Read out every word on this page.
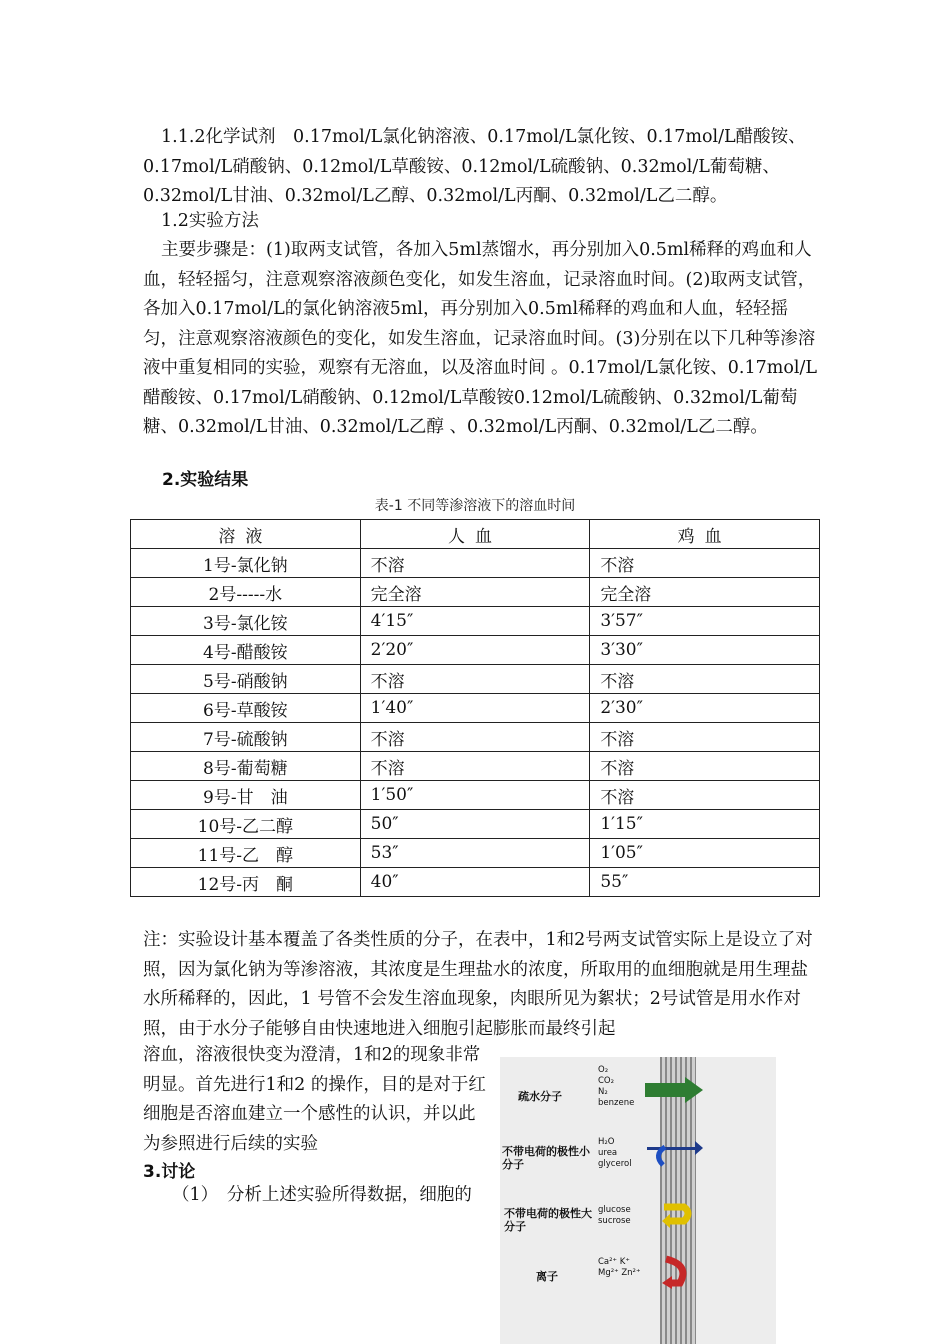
1.1.2化学试剂　0.17mol/L氯化钠溶液、0.17mol/L氯化铵、0.17mol/L醋酸铵、0.17mol/L硝酸钠、0.12mol/L草酸铵、0.12mol/L硫酸钠、0.32mol/L葡萄糖、0.32mol/L甘油、0.32mol/L乙醇、0.32mol/L丙酮、0.32mol/L乙二醇。
1.2实验方法
主要步骤是：(1)取两支试管，各加入5ml蒸馏水，再分别加入0.5ml稀释的鸡血和人血，轻轻摇匀，注意观察溶液颜色变化，如发生溶血，记录溶血时间。(2)取两支试管，各加入0.17mol/L的氯化钠溶液5ml，再分别加入0.5ml稀释的鸡血和人血，轻轻摇匀，注意观察溶液颜色的变化，如发生溶血，记录溶血时间。(3)分别在以下几种等渗溶液中重复相同的实验，观察有无溶血，以及溶血时间 。0.17mol/L氯化铵、0.17mol/L醋酸铵、0.17mol/L硝酸钠、0.12mol/L草酸铵0.12mol/L硫酸钠、0.32mol/L葡萄糖、0.32mol/L甘油、0.32mol/L乙醇 、0.32mol/L丙酮、0.32mol/L乙二醇。
2.实验结果
表-1 不同等渗溶液下的溶血时间
溶液	人血	鸡血
1号-氯化钠	不溶	不溶
2号-----水	完全溶	完全溶
3号-氯化铵	4′15″	3′57″
4号-醋酸铵	2′20″	3′30″
5号-硝酸钠	不溶	不溶
6号-草酸铵	1′40″	2′30″
7号-硫酸钠	不溶	不溶
8号-葡萄糖	不溶	不溶
9号-甘　油	1′50″	不溶
10号-乙二醇	50″	1′15″
11号-乙　醇	53″	1′05″
12号-丙　酮	40″	55″
注：实验设计基本覆盖了各类性质的分子，在表中，1和2号两支试管实际上是设立了对照，因为氯化钠为等渗溶液，其浓度是生理盐水的浓度，所取用的血细胞就是用生理盐水所稀释的，因此，1 号管不会发生溶血现象，肉眼所见为絮状；2号试管是用水作对照，由于水分子能够自由快速地进入细胞引起膨胀而最终引起
溶血，溶液很快变为澄清，1和2的现象非常明显。首先进行1和2 的操作，目的是对于红细胞是否溶血建立一个感性的认识，并以此为参照进行后续的实验
3.讨论
（1）　分析上述实验所得数据，细胞的
疏水分子
O₂
CO₂
N₂
benzene
不带电荷的极性小分子
H₂O
urea
glycerol
不带电荷的极性大分子
glucose
sucrose
离子
Ca²⁺ K⁺
Mg²⁺ Zn²⁺
